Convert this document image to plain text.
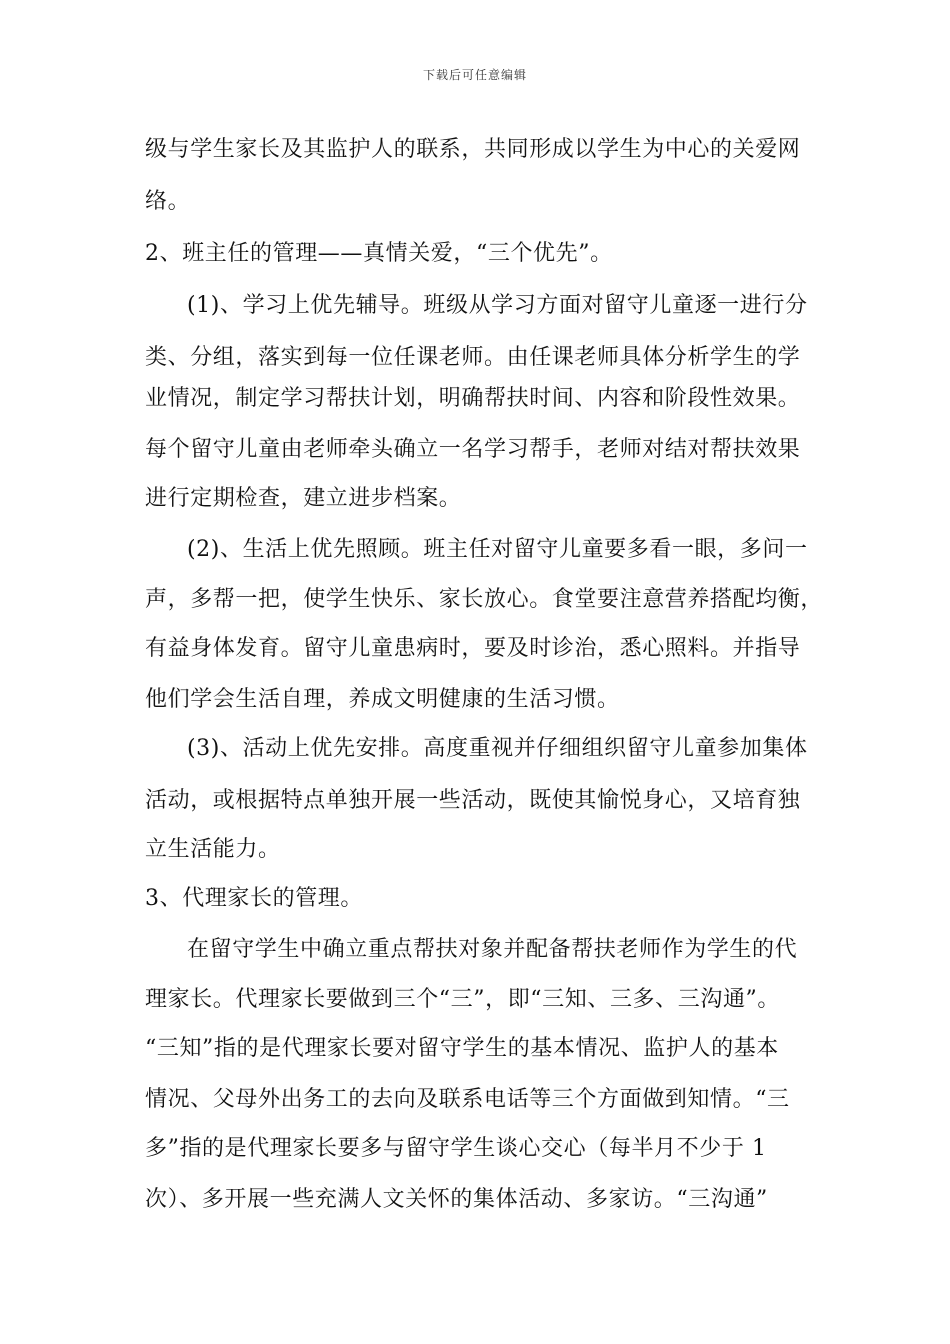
下载后可任意编辑
级与学生家长及其监护人的联系，共同形成以学生为中心的关爱网
络。
2、班主任的管理——真情关爱，“三个优先”。
(1)、学习上优先辅导。班级从学习方面对留守儿童逐一进行分
类、分组，落实到每一位任课老师。由任课老师具体分析学生的学
业情况，制定学习帮扶计划，明确帮扶时间、内容和阶段性效果。
每个留守儿童由老师牵头确立一名学习帮手，老师对结对帮扶效果
进行定期检查，建立进步档案。
(2)、生活上优先照顾。班主任对留守儿童要多看一眼，多问一
声，多帮一把，使学生快乐、家长放心。食堂要注意营养搭配均衡，
有益身体发育。留守儿童患病时，要及时诊治，悉心照料。并指导
他们学会生活自理，养成文明健康的生活习惯。
(3)、活动上优先安排。高度重视并仔细组织留守儿童参加集体
活动，或根据特点单独开展一些活动，既使其愉悦身心，又培育独
立生活能力。
3、代理家长的管理。
在留守学生中确立重点帮扶对象并配备帮扶老师作为学生的代
理家长。代理家长要做到三个“三”，即“三知、三多、三沟通”。
“三知”指的是代理家长要对留守学生的基本情况、监护人的基本
情况、父母外出务工的去向及联系电话等三个方面做到知情。“三
多”指的是代理家长要多与留守学生谈心交心（每半月不少于 1
次）、多开展一些充满人文关怀的集体活动、多家访。“三沟通”
